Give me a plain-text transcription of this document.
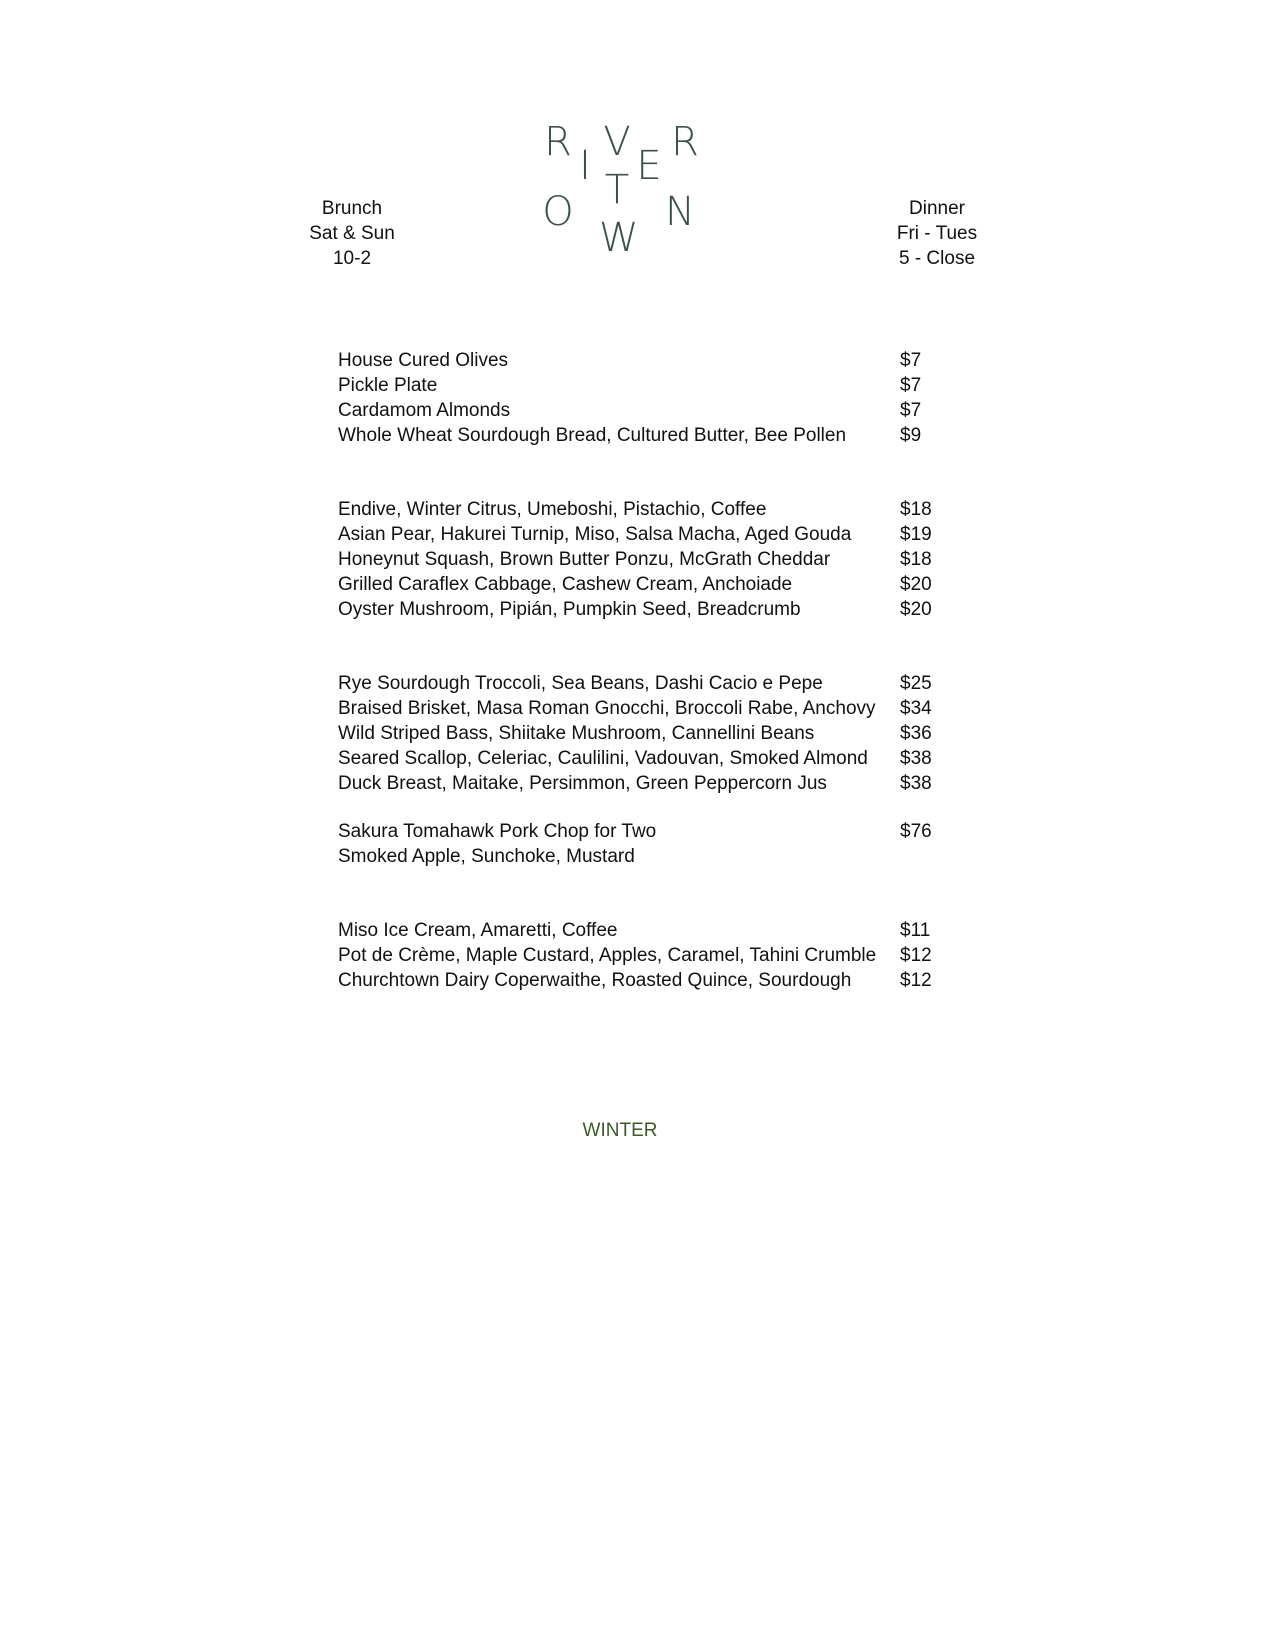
Brunch
Sat & Sun
10-2
Dinner
Fri - Tues
5 - Close
R
I
V
E
R
O T
W
N
House Cured Olives	$7
Pickle Plate	$7
Cardamom Almonds	$7
Whole Wheat Sourdough Bread, Cultured Butter, Bee Pollen	$9
Endive, Winter Citrus, Umeboshi, Pistachio, Coffee	$18
Asian Pear, Hakurei Turnip, Miso, Salsa Macha, Aged Gouda	$19
Honeynut Squash, Brown Butter Ponzu, McGrath Cheddar	$18
Grilled Caraflex Cabbage, Cashew Cream, Anchoiade	$20
Oyster Mushroom, Pipián, Pumpkin Seed, Breadcrumb	$20
Rye Sourdough Troccoli, Sea Beans, Dashi Cacio e Pepe	$25
Braised Brisket, Masa Roman Gnocchi, Broccoli Rabe, Anchovy $34
Wild Striped Bass, Shiitake Mushroom, Cannellini Beans	$36
Seared Scallop, Celeriac, Caulilini, Vadouvan, Smoked Almond $38
Duck Breast, Maitake, Persimmon, Green Peppercorn Jus	$38
Sakura Tomahawk Pork Chop for Two	$76
Smoked Apple, Sunchoke, Mustard
Miso Ice Cream, Amaretti, Coffee	$11
Pot de Crème, Maple Custard, Apples, Caramel, Tahini Crumble $12
Churchtown Dairy Coperwaithe, Roasted Quince, Sourdough	$12
WINTER
